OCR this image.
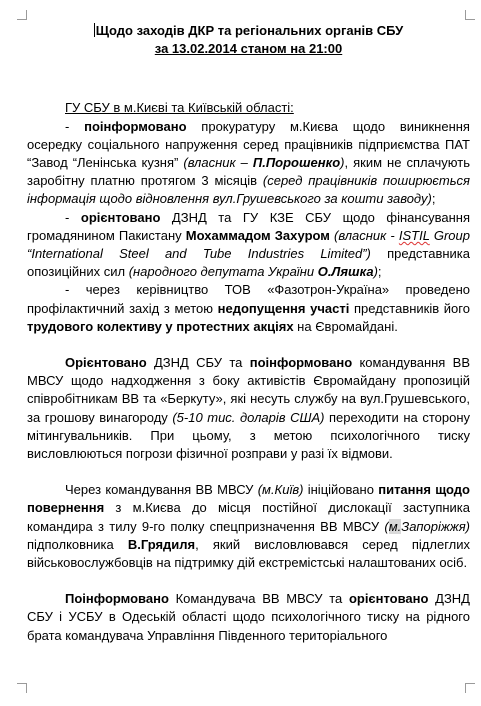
Щодо заходів ДКР та регіональних органів СБУ
за 13.02.2014 станом на 21:00

ГУ СБУ в м.Києві та Київській області:

- поінформовано прокуратуру м.Києва щодо виникнення осередку соціального напруження серед працівників підприємства ПАТ “Завод “Ленінська кузня” (власник – П.Порошенко), яким не сплачують заробітну платню протягом 3 місяців (серед працівників поширюється інформація щодо відновлення вул.Грушевського за кошти заводу);

- орієнтовано ДЗНД та ГУ КЗЕ СБУ щодо фінансування громадянином Пакистану Мохаммадом Захуром (власник - ISTIL Group “International Steel and Tube Industries Limited”) представника опозиційних сил (народного депутата України О.Ляшка);

- через керівництво ТОВ «Фазотрон-Україна» проведено профілактичний захід з метою недопущення участі представників його трудового колективу у протестних акціях на Євромайдані.

Орієнтовано ДЗНД СБУ та поінформовано командування ВВ МВСУ щодо надходження з боку активістів Євромайдану пропозицій співробітникам ВВ та «Беркуту», які несуть службу на вул.Грушевського, за грошову винагороду (5-10 тис. доларів США) переходити на сторону мітингувальників. При цьому, з метою психологічного тиску висловлюються погрози фізичної розправи у разі їх відмови.

Через командування ВВ МВСУ (м.Київ) ініційовано питання щодо повернення з м.Києва до місця постійної дислокації заступника командира з тилу 9-го полку спецпризначення ВВ МВСУ (м.Запоріжжя) підполковника В.Грядиля, який висловлювався серед підлеглих військовослужбовців на підтримку дій екстремістські налаштованих осіб.

Поінформовано Командувача ВВ МВСУ та орієнтовано ДЗНД СБУ і УСБУ в Одеській області щодо психологічного тиску на рідного брата командувача Управління Південного територіального
